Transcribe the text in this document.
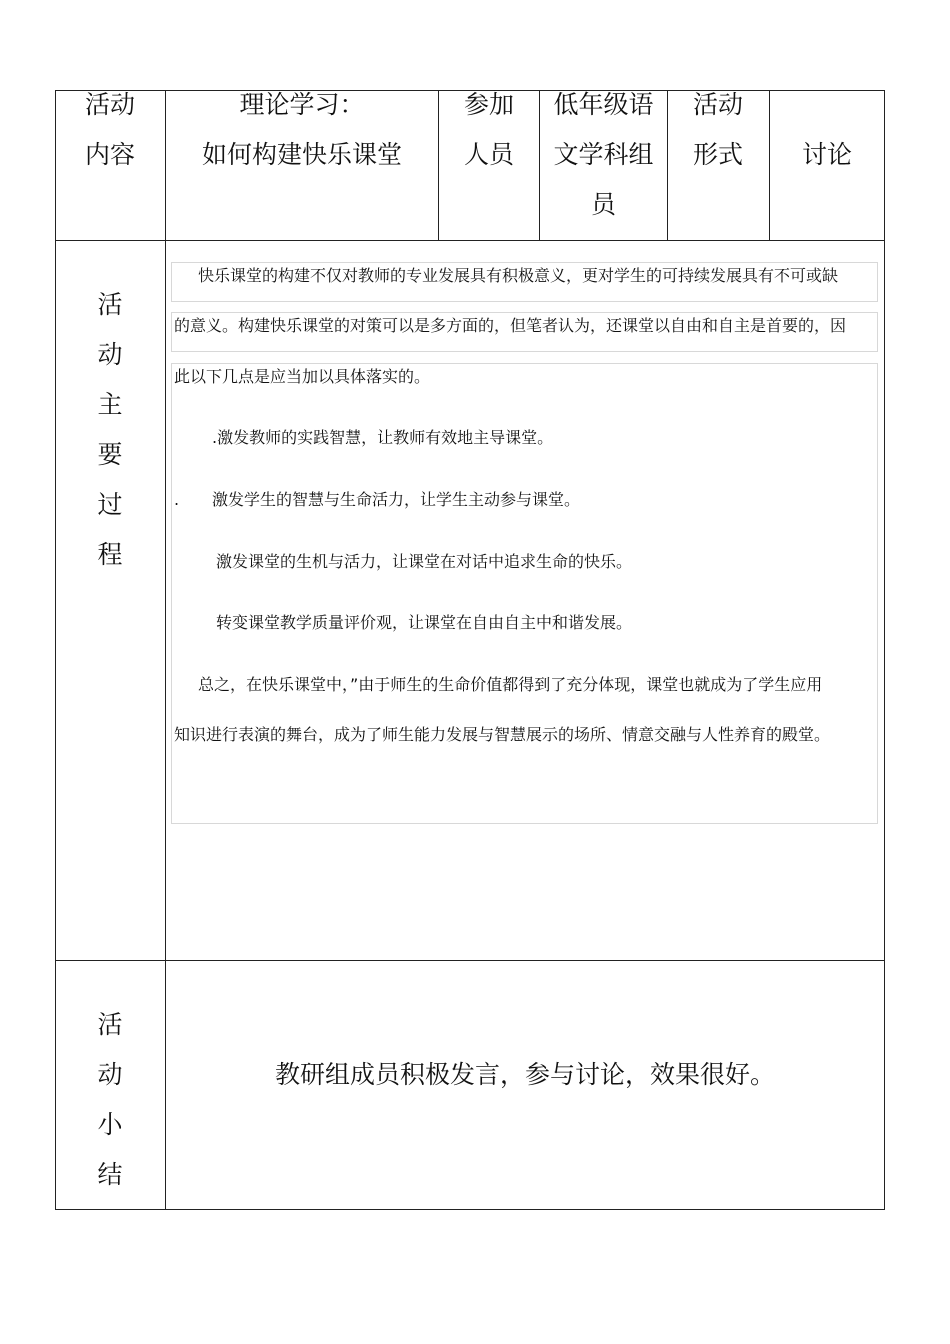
活动
内容
理论学习：
如何构建快乐课堂
参加
人员
低年级语
文学科组
员
活动
形式	讨论
活
动
主
要
过
程
快乐课堂的构建不仅对教师的专业发展具有积极意义，更对学生的可持续发展具有不可或缺
的意义。构建快乐课堂的对策可以是多方面的，但笔者认为，还课堂以自由和自主是首要的，因
此以下几点是应当加以具体落实的。
.激发教师的实践智慧，让教师有效地主导课堂。
. 激发学生的智慧与生命活力，让学生主动参与课堂。
激发课堂的生机与活力，让课堂在对话中追求生命的快乐。
转变课堂教学质量评价观，让课堂在自由自主中和谐发展。
总之，在快乐课堂中，”由于师生的生命价值都得到了充分体现，课堂也就成为了学生应用
知识进行表演的舞台，成为了师生能力发展与智慧展示的场所、情意交融与人性养育的殿堂。
活
动
小
结
教研组成员积极发言，参与讨论，效果很好。
